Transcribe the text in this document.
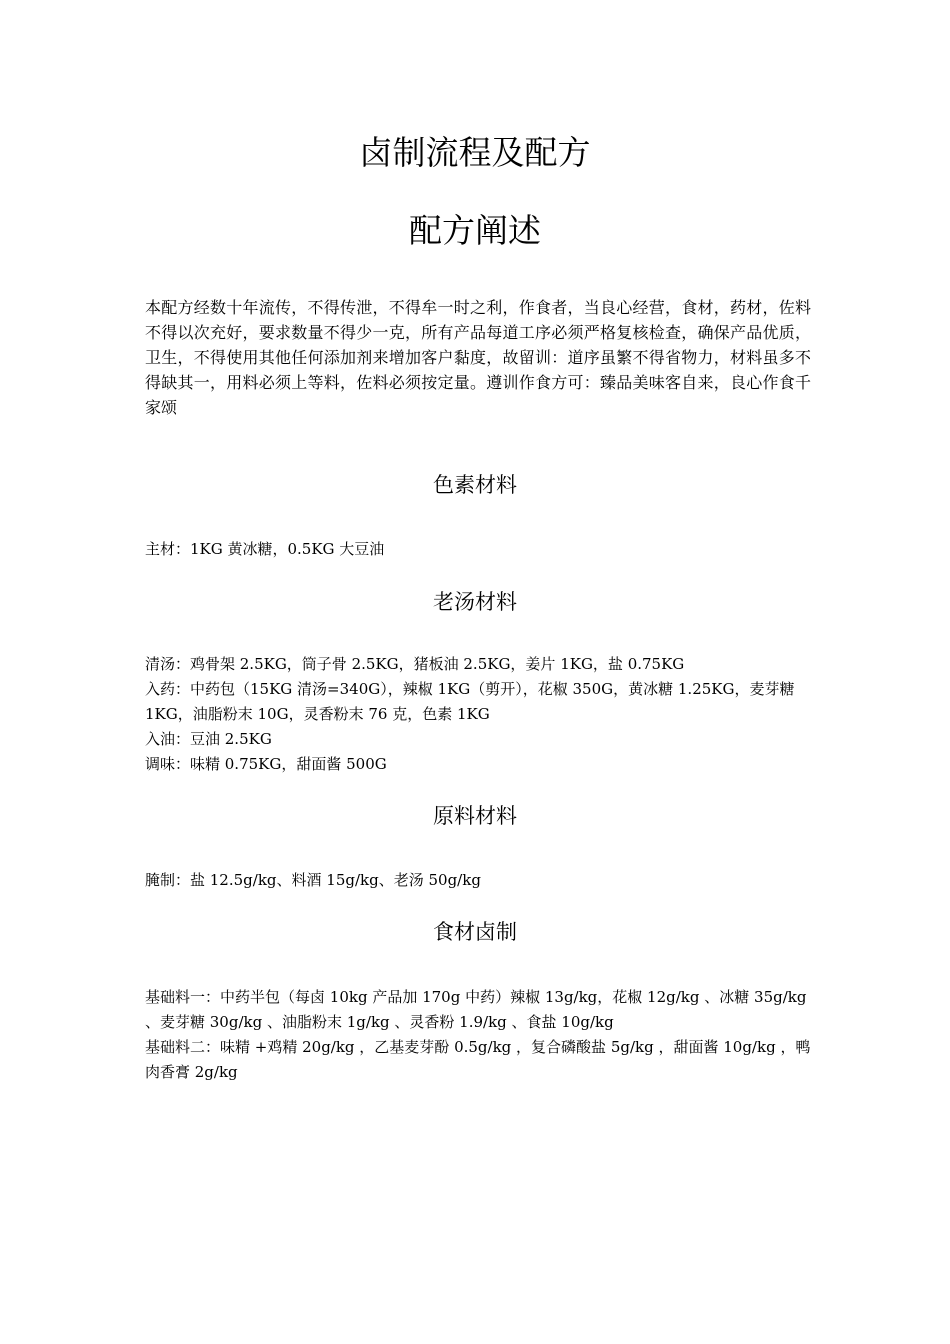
卤制流程及配方
配方阐述

本配方经数十年流传，不得传泄，不得牟一时之利，作食者，当良心经营，食材，药材，佐料不得以次充好，要求数量不得少一克，所有产品每道工序必须严格复核检查，确保产品优质，卫生，不得使用其他任何添加剂来增加客户黏度，故留训：道序虽繁不得省物力，材料虽多不得缺其一，用料必须上等料，佐料必须按定量。遵训作食方可：臻品美味客自来，良心作食千家颂

色素材料
主材：1KG 黄冰糖，0.5KG 大豆油
老汤材料
清汤：鸡骨架 2.5KG，筒子骨 2.5KG，猪板油 2.5KG，姜片 1KG，盐 0.75KG
入药：中药包（15KG 清汤=340G），辣椒 1KG（剪开），花椒 350G，黄冰糖 1.25KG，麦芽糖 1KG，油脂粉末 10G，灵香粉末 76 克，色素 1KG
入油：豆油 2.5KG
调味：味精 0.75KG，甜面酱 500G
原料材料
腌制：盐 12.5g/kg、料酒 15g/kg、老汤 50g/kg
食材卤制
基础料一：中药半包（每卤 10kg 产品加 170g 中药）辣椒 13g/kg，花椒 12g/kg 、冰糖 35g/kg 、麦芽糖 30g/kg 、油脂粉末 1g/kg 、灵香粉 1.9/kg 、食盐 10g/kg
基础料二：味精 +鸡精 20g/kg ，乙基麦芽酚 0.5g/kg ，复合磷酸盐 5g/kg ，甜面酱 10g/kg ，鸭肉香膏 2g/kg
